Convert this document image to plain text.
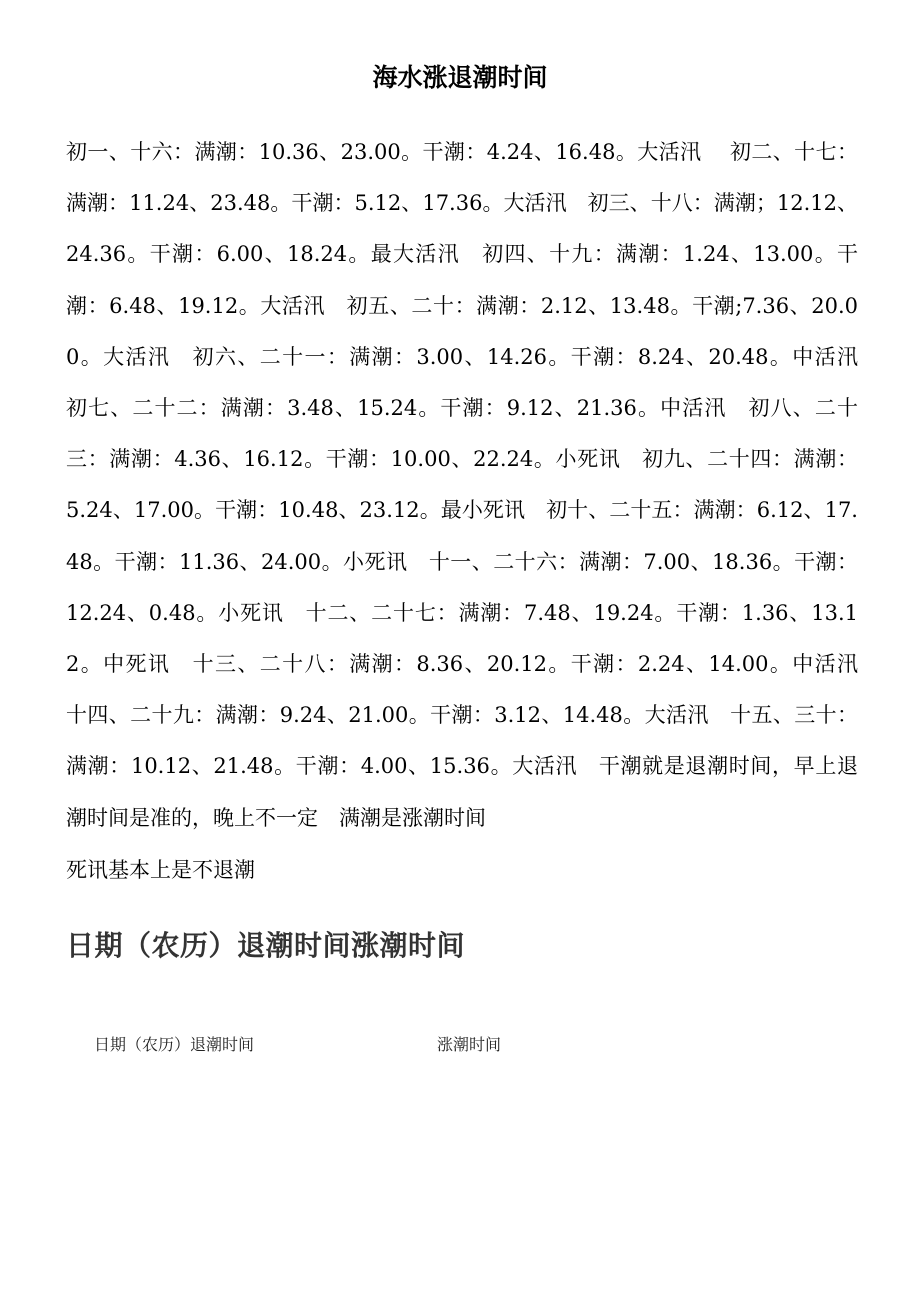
海水涨退潮时间

初一、十六：满潮：10.36、23.00。干潮：4.24、16.48。大活汛　 初二、十七：满潮：11.24、23.48。干潮：5.12、17.36。大活汛　初三、十八：满潮；12.12、24.36。干潮：6.00、18.24。最大活汛　初四、十九：满潮：1.24、13.00。干潮：6.48、19.12。大活汛　初五、二十：满潮：2.12、13.48。干潮;7.36、20.00。大活汛　初六、二十一：满潮：3.00、14.26。干潮：8.24、20.48。中活汛　初七、二十二：满潮：3.48、15.24。干潮：9.12、21.36。中活汛　初八、二十三：满潮：4.36、16.12。干潮：10.00、22.24。小死讯　初九、二十四：满潮：5.24、17.00。干潮：10.48、23.12。最小死讯　初十、二十五：满潮：6.12、17.48。干潮：11.36、24.00。小死讯　十一、二十六：满潮：7.00、18.36。干潮：12.24、0.48。小死讯　十二、二十七：满潮：7.48、19.24。干潮：1.36、13.12。中死讯　十三、二十八：满潮：8.36、20.12。干潮：2.24、14.00。中活汛　十四、二十九：满潮：9.24、21.00。干潮：3.12、14.48。大活汛　十五、三十：满潮：10.12、21.48。干潮：4.00、15.36。大活汛　干潮就是退潮时间，早上退潮时间是准的，晚上不一定　满潮是涨潮时间

死讯基本上是不退潮

日期（农历）退潮时间涨潮时间
日期（农历）退潮时间	涨潮时间
